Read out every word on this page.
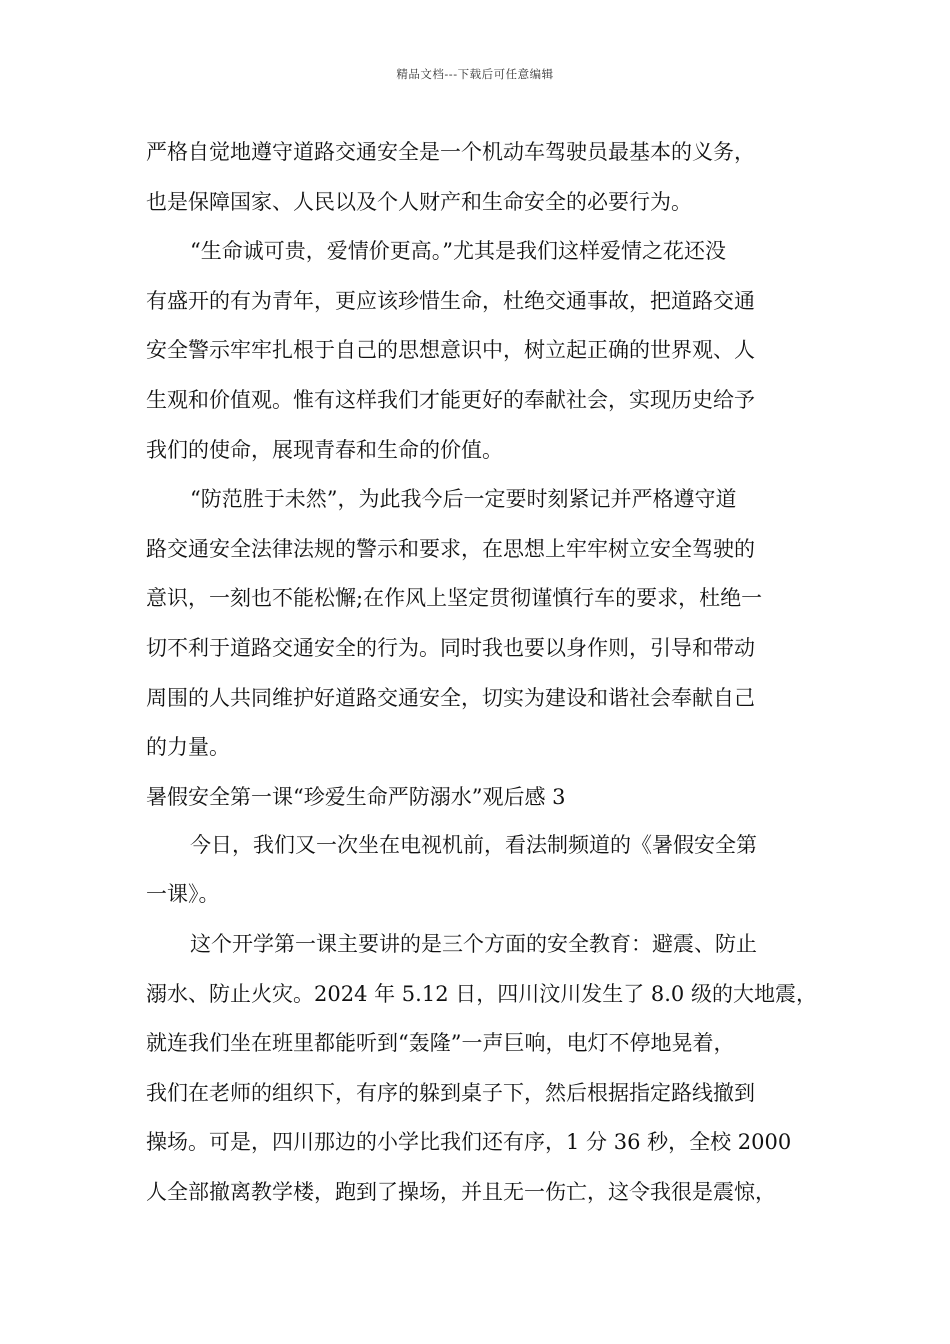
精品文档---下载后可任意编辑
严格自觉地遵守道路交通安全是一个机动车驾驶员最基本的义务，
也是保障国家、人民以及个人财产和生命安全的必要行为。
“生命诚可贵，爱情价更高。”尤其是我们这样爱情之花还没
有盛开的有为青年，更应该珍惜生命，杜绝交通事故，把道路交通
安全警示牢牢扎根于自己的思想意识中，树立起正确的世界观、人
生观和价值观。惟有这样我们才能更好的奉献社会，实现历史给予
我们的使命，展现青春和生命的价值。
“防范胜于未然”，为此我今后一定要时刻紧记并严格遵守道
路交通安全法律法规的警示和要求，在思想上牢牢树立安全驾驶的
意识，一刻也不能松懈;在作风上坚定贯彻谨慎行车的要求，杜绝一
切不利于道路交通安全的行为。同时我也要以身作则，引导和带动
周围的人共同维护好道路交通安全，切实为建设和谐社会奉献自己
的力量。
暑假安全第一课“珍爱生命严防溺水”观后感 3
今日，我们又一次坐在电视机前，看法制频道的《暑假安全第
一课》。
这个开学第一课主要讲的是三个方面的安全教育：避震、防止
溺水、防止火灾。2024 年 5.12 日，四川汶川发生了 8.0 级的大地震，
就连我们坐在班里都能听到“轰隆”一声巨响，电灯不停地晃着，
我们在老师的组织下，有序的躲到桌子下，然后根据指定路线撤到
操场。可是，四川那边的小学比我们还有序，1 分 36 秒，全校 2000
人全部撤离教学楼，跑到了操场，并且无一伤亡，这令我很是震惊，
